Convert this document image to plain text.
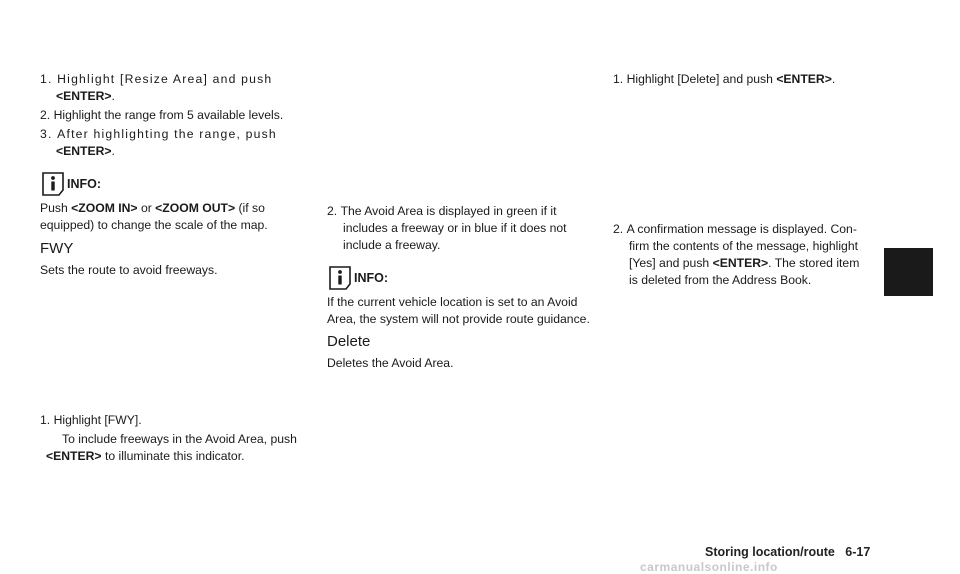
1. Highlight [Resize Area] and push
<ENTER>.
2. Highlight the range from 5 available levels.
3. After highlighting the range, push
<ENTER>.
INFO:
Push <ZOOM IN> or <ZOOM OUT> (if so
equipped) to change the scale of the map.
FWY
Sets the route to avoid freeways.
1. Highlight [FWY].
To include freeways in the Avoid Area, push
<ENTER> to illuminate this indicator.
2. The Avoid Area is displayed in green if it
includes a freeway or in blue if it does not
include a freeway.
INFO:
If the current vehicle location is set to an Avoid
Area, the system will not provide route guidance.
Delete
Deletes the Avoid Area.
1. Highlight [Delete] and push <ENTER>.
2. A confirmation message is displayed. Con-
firm the contents of the message, highlight
[Yes] and push <ENTER>. The stored item
is deleted from the Address Book.
Storing location/route   6-17
carmanualsonline.info
